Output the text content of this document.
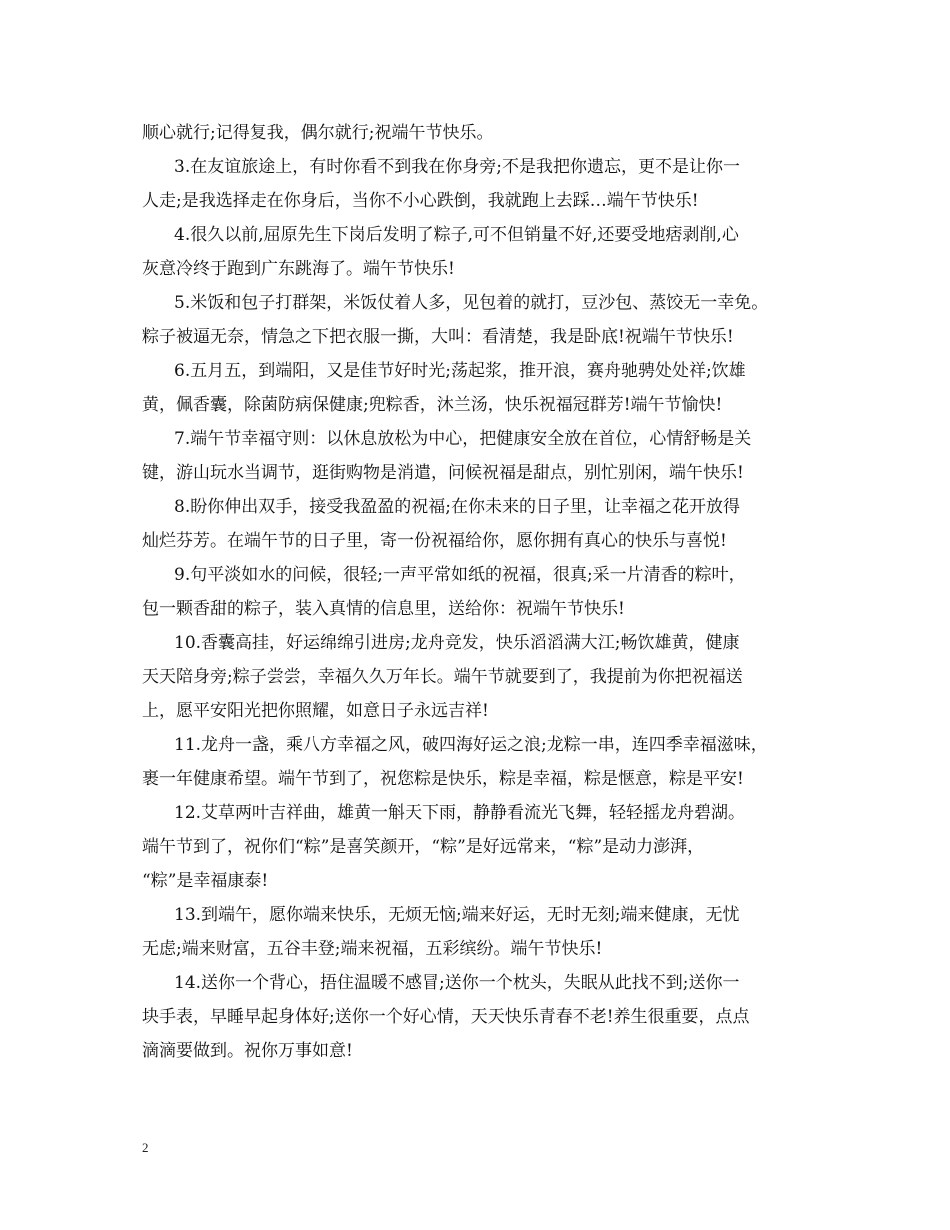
顺心就行;记得复我，偶尔就行;祝端午节快乐。
3.在友谊旅途上，有时你看不到我在你身旁;不是我把你遗忘，更不是让你一
人走;是我选择走在你身后，当你不小心跌倒，我就跑上去踩…端午节快乐!
4.很久以前,屈原先生下岗后发明了粽子,可不但销量不好,还要受地痞剥削,心
灰意冷终于跑到广东跳海了。端午节快乐!
5.米饭和包子打群架，米饭仗着人多，见包着的就打，豆沙包、蒸饺无一幸免。
粽子被逼无奈，情急之下把衣服一撕，大叫：看清楚，我是卧底!祝端午节快乐!
6.五月五，到端阳，又是佳节好时光;荡起浆，推开浪，赛舟驰骋处处祥;饮雄
黄，佩香囊，除菌防病保健康;兜粽香，沐兰汤，快乐祝福冠群芳!端午节愉快!
7.端午节幸福守则：以休息放松为中心，把健康安全放在首位，心情舒畅是关
键，游山玩水当调节，逛街购物是消遣，问候祝福是甜点，别忙别闲，端午快乐!
8.盼你伸出双手，接受我盈盈的祝福;在你未来的日子里，让幸福之花开放得
灿烂芬芳。在端午节的日子里，寄一份祝福给你，愿你拥有真心的快乐与喜悦!
9.句平淡如水的问候，很轻;一声平常如纸的祝福，很真;采一片清香的粽叶，
包一颗香甜的粽子，装入真情的信息里，送给你：祝端午节快乐!
10.香囊高挂，好运绵绵引进房;龙舟竞发，快乐滔滔满大江;畅饮雄黄，健康
天天陪身旁;粽子尝尝，幸福久久万年长。端午节就要到了，我提前为你把祝福送
上，愿平安阳光把你照耀，如意日子永远吉祥!
11.龙舟一盏，乘八方幸福之风，破四海好运之浪;龙粽一串，连四季幸福滋味，
裹一年健康希望。端午节到了，祝您粽是快乐，粽是幸福，粽是惬意，粽是平安!
12.艾草两叶吉祥曲，雄黄一斛天下雨，静静看流光飞舞，轻轻摇龙舟碧湖。
端午节到了，祝你们“粽”是喜笑颜开，“粽”是好远常来，“粽”是动力澎湃，
“粽”是幸福康泰!
13.到端午，愿你端来快乐，无烦无恼;端来好运，无时无刻;端来健康，无忧
无虑;端来财富，五谷丰登;端来祝福，五彩缤纷。端午节快乐!
14.送你一个背心，捂住温暖不感冒;送你一个枕头，失眠从此找不到;送你一
块手表，早睡早起身体好;送你一个好心情，天天快乐青春不老!养生很重要，点点
滴滴要做到。祝你万事如意!
2
